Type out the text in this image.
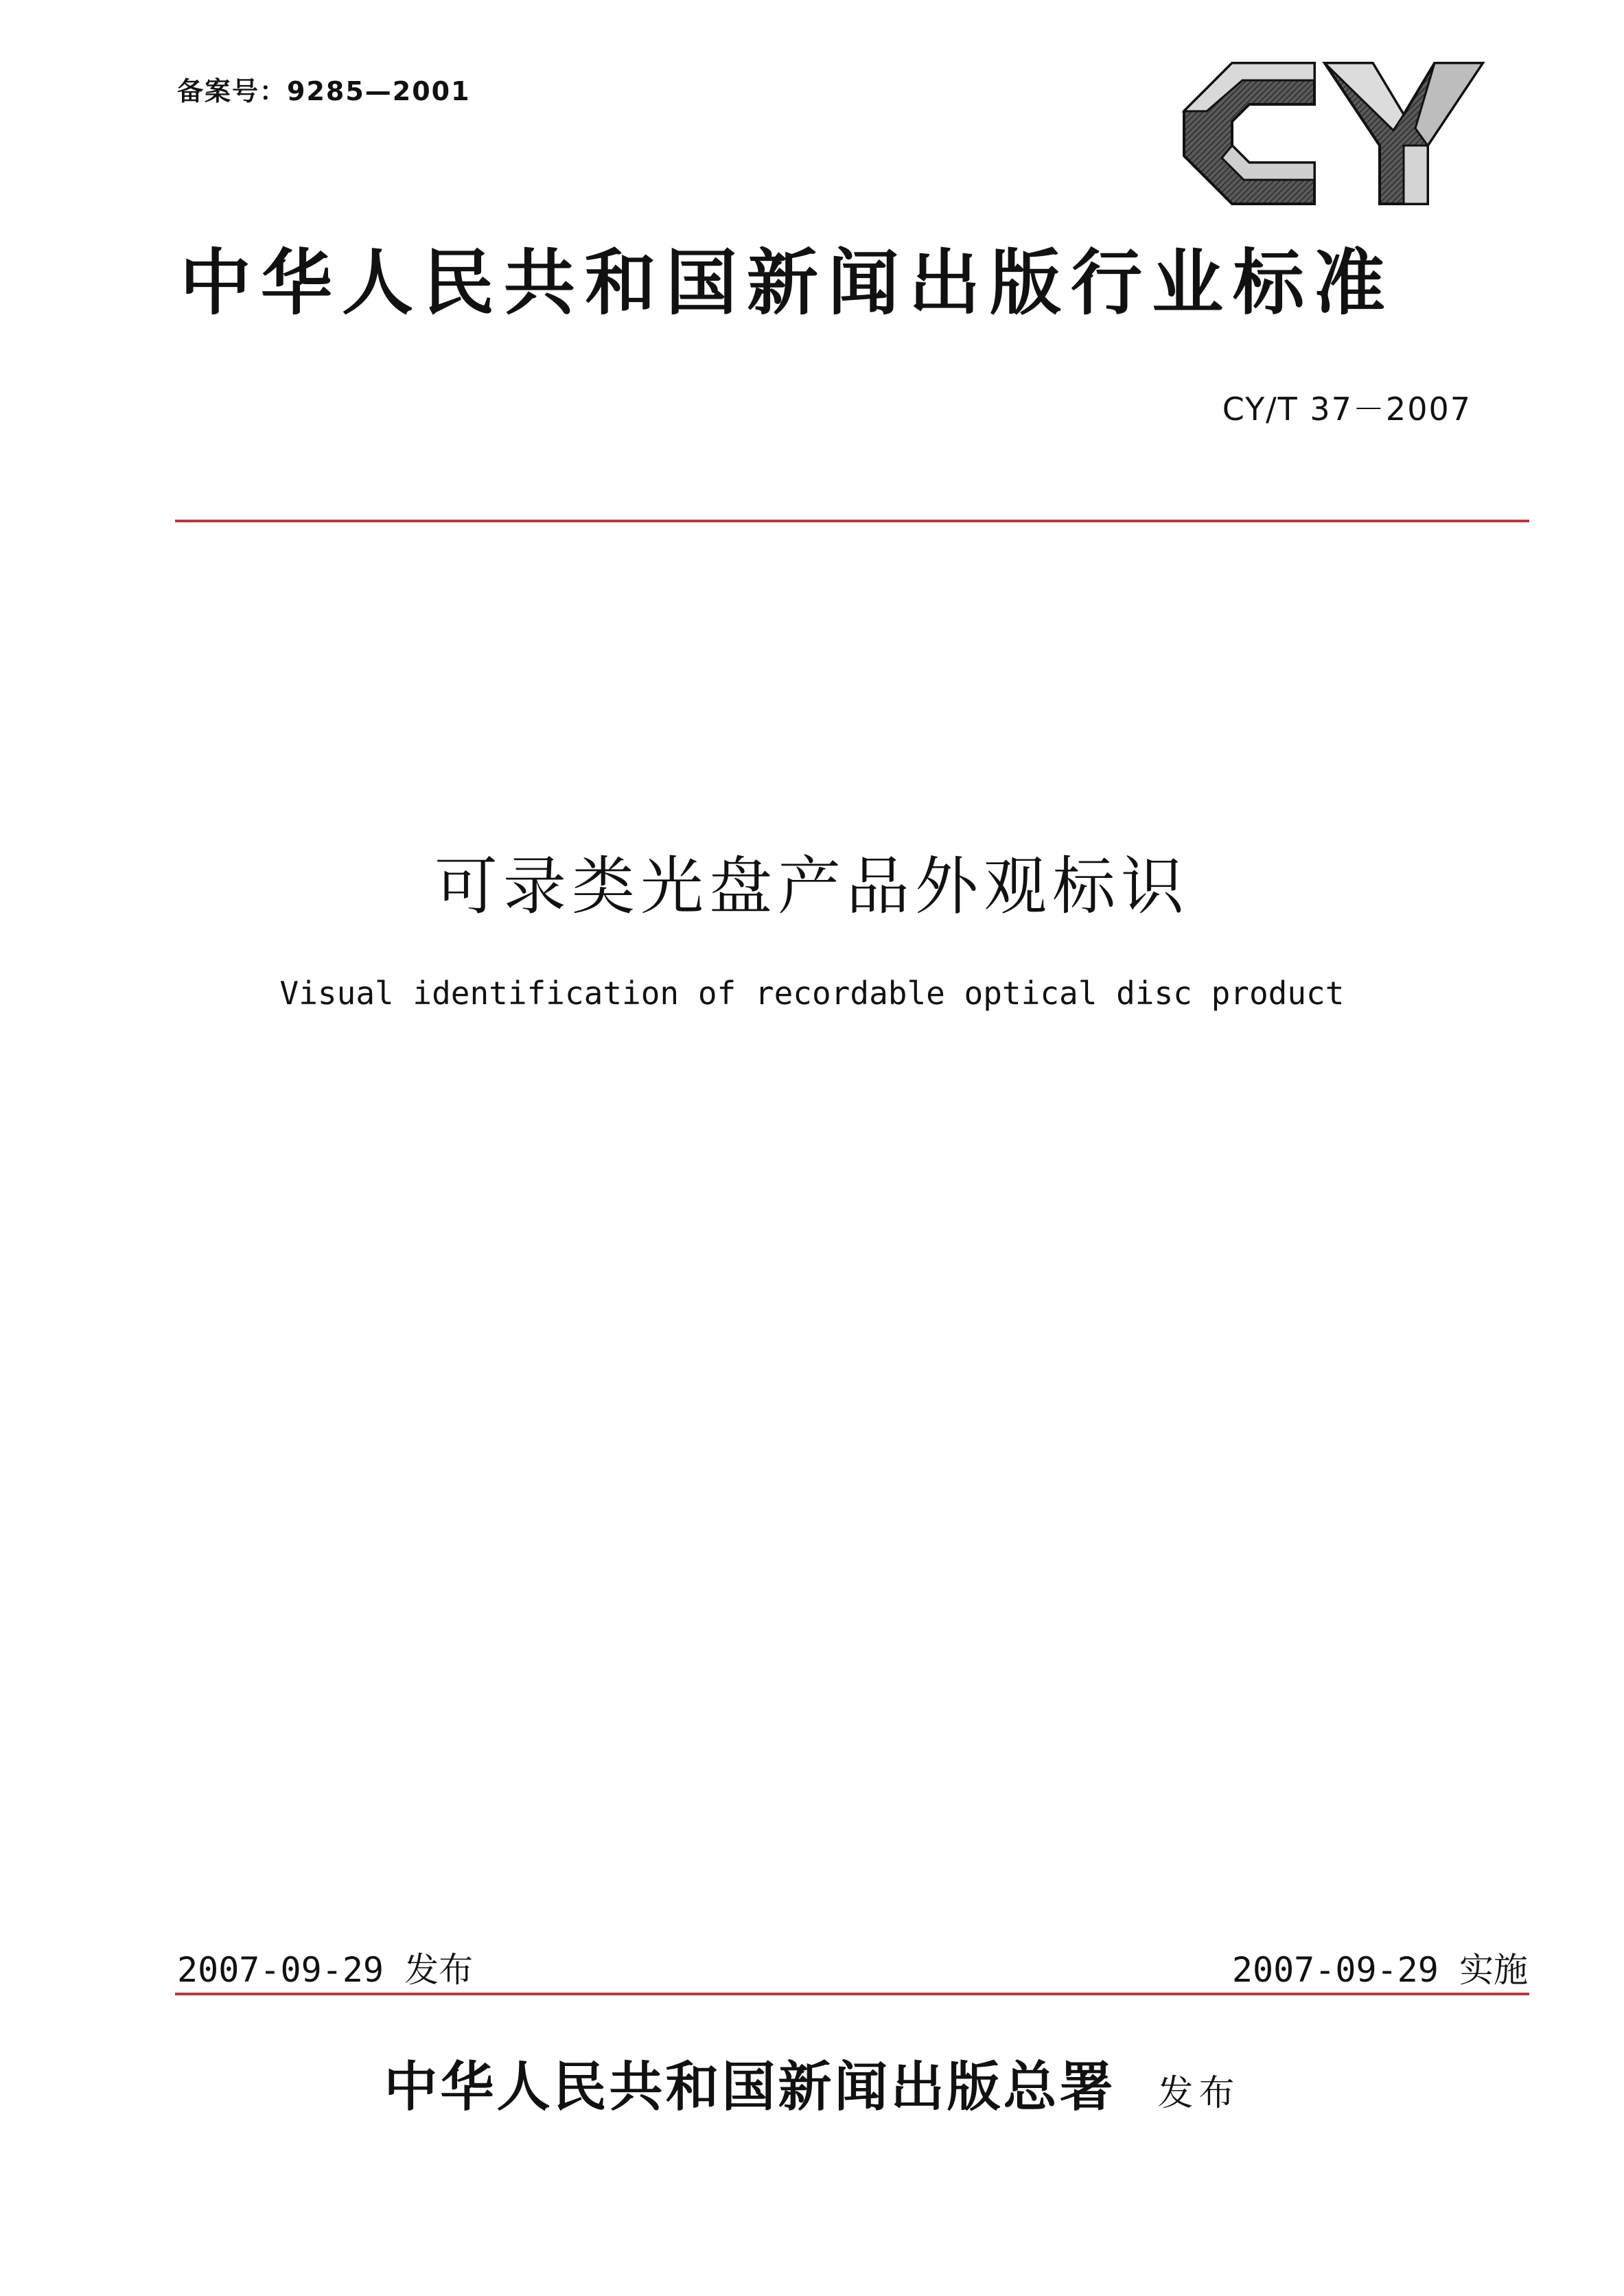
备案号：9285—2001
CY
中华人民共和国新闻出版行业标准
CY/T 37－2007
可录类光盘产品外观标识
Visual identification of recordable optical disc product
2007-09-29 发布	2007-09-29 实施
中华人民共和国新闻出版总署 发布
